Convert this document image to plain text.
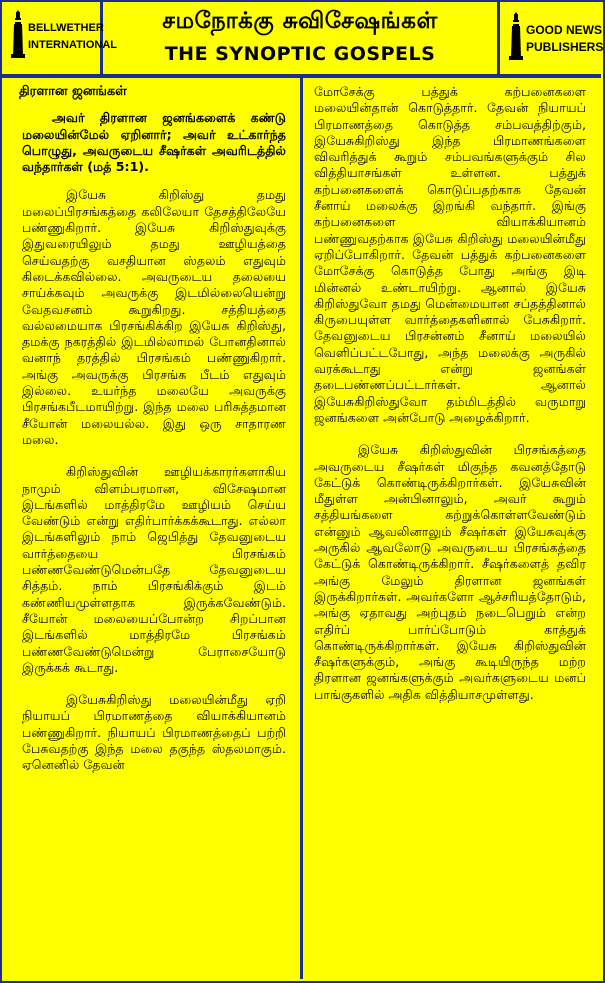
BELLWETHER
INTERNATIONAL
சமநோக்கு சுவிசேஷங்கள்
THE SYNOPTIC GOSPELS
GOOD NEWS
PUBLISHERS
திரளான ஜனங்கள்
அவர் திரளான ஜனங்களைக் கண்டு மலையின்மேல் ஏறினார்; அவர் உட்கார்ந்த பொழுது, அவருடைய சீஷர்கள் அவரிடத்தில் வந்தார்கள் (மத் 5:1).

இயேசு கிறிஸ்து தமது மலைப்பிரசங்கத்தை கலிலேயா தேசத்திலேயே பண்ணுகிறார். இயேசு கிறிஸ்துவுக்கு இதுவரையிலும் தமது ஊழியத்தை செய்வதற்கு வசதியான ஸ்தலம் எதுவும் கிடைக்கவில்லை. அவருடைய தலையை சாய்க்கவும் அவருக்கு இடமில்லையென்று வேதவசனம் கூறுகிறது. சத்தியத்தை வல்லமையாக பிரசங்கிக்கிற இயேசு கிறிஸ்து, தமக்கு நகரத்தில் இடமில்லாமல் போனதினால் வனாந் தரத்தில் பிரசங்கம் பண்ணுகிறார். அங்கு அவருக்கு பிரசங்க பீடம் எதுவும் இல்லை. உயர்ந்த மலையே அவருக்கு பிரசங்கபீடமாயிற்று. இந்த மலை பரிசுத்தமான சீயோன் மலையல்ல. இது ஒரு சாதாரண மலை.

கிறிஸ்துவின் ஊழியக்காரர்களாகிய நாமும் விளம்பரமான, விசேஷமான இடங்களில் மாத்திரமே ஊழியம் செய்ய வேண்டும் என்று எதிர்பார்க்கக்கூடாது. எல்லா இடங்களிலும் நாம் ஜெபித்து தேவனுடைய வார்த்தையை பிரசங்கம் பண்ணவேண்டுமென்பதே தேவனுடைய சித்தம். நாம் பிரசங்கிக்கும் இடம் கண்ணியமுள்ளதாக இருக்கவேண்டும். சீயோன் மலையைப்போன்ற சிறப்பான இடங்களில் மாத்திரமே பிரசங்கம் பண்ணவேண்டுமென்று பேராசையோடு இருக்கக் கூடாது.

இயேசுகிறிஸ்து மலையின்மீது ஏறி நியாயப் பிரமாணத்தை வியாக்கியானம் பண்ணுகிறார். நியாயப் பிரமாணத்தைப் பற்றி பேசுவதற்கு இந்த மலை தகுந்த ஸ்தலமாகும். ஏனெனில் தேவன்

மோசேக்கு பத்துக் கற்பனைகளை மலையின்தான் கொடுத்தார். தேவன் நியாயப் பிரமாணத்தை கொடுத்த சம்பவத்திற்கும், இயேசுகிறிஸ்து இந்த பிரமாணங்களை விவரித்துக் கூறும் சம்பவங்களுக்கும் சில வித்தியாசங்கள் உள்ளன. பத்துக் கற்பனைகளைக் கொடுப்பதற்காக தேவன் சீனாய் மலைக்கு இறங்கி வந்தார். இங்கு கற்பனைகளை வியாக்கியானம் பண்ணுவதற்காக இயேசு கிறிஸ்து மலையின்மீது ஏறிப்போகிறார். தேவன் பத்துக் கற்பனைகளை மோசேக்கு கொடுத்த போது அங்கு இடி மின்னல் உண்டாயிற்று. ஆனால் இயேசு கிறிஸ்துவோ தமது மென்மையான சப்தத்தினால் கிருபையுள்ள வார்த்தைகளினால் பேசுகிறார். தேவனுடைய பிரசன்னம் சீனாய் மலையில் வெளிப்பட்டபோது, அந்த மலைக்கு அருகில் வரக்கூடாது என்று ஜனங்கள் தடைபண்ணப்பட்டார்கள். ஆனால் இயேசுகிறிஸ்துவோ தம்மிடத்தில் வருமாறு ஜனங்களை அன்போடு அழைக்கிறார்.

இயேசு கிறிஸ்துவின் பிரசங்கத்தை அவருடைய சீஷர்கள் மிகுந்த கவனத்தோடு கேட்டுக் கொண்டிருக்கிறார்கள். இயேசுவின் மீதுள்ள அன்பினாலும், அவர் கூறும் சத்தியங்களை கற்றுக்கொள்ளவேண்டும் என்னும் ஆவலினாலும் சீஷர்கள் இயேசுவுக்கு அருகில் ஆவலோடு அவருடைய பிரசங்கத்தை கேட்டுக் கொண்டிருக்கிறார். சீஷர்களைத் தவிர அங்கு மேலும் திரளான ஜனங்கள் இருக்கிறார்கள். அவர்களோ ஆச்சரியத்தோடும், அங்கு ஏதாவது அற்புதம் நடைபெறும் என்ற எதிர்ப் பார்ப்போடும் காத்துக் கொண்டிருக்கிறார்கள். இயேசு கிறிஸ்துவின் சீஷர்களுக்கும், அங்கு கூடியிருந்த மற்ற திரளான ஜனங்களுக்கும் அவர்களுடைய மனப் பாங்குகளில் அதிக வித்தியாசமுள்ளது.
